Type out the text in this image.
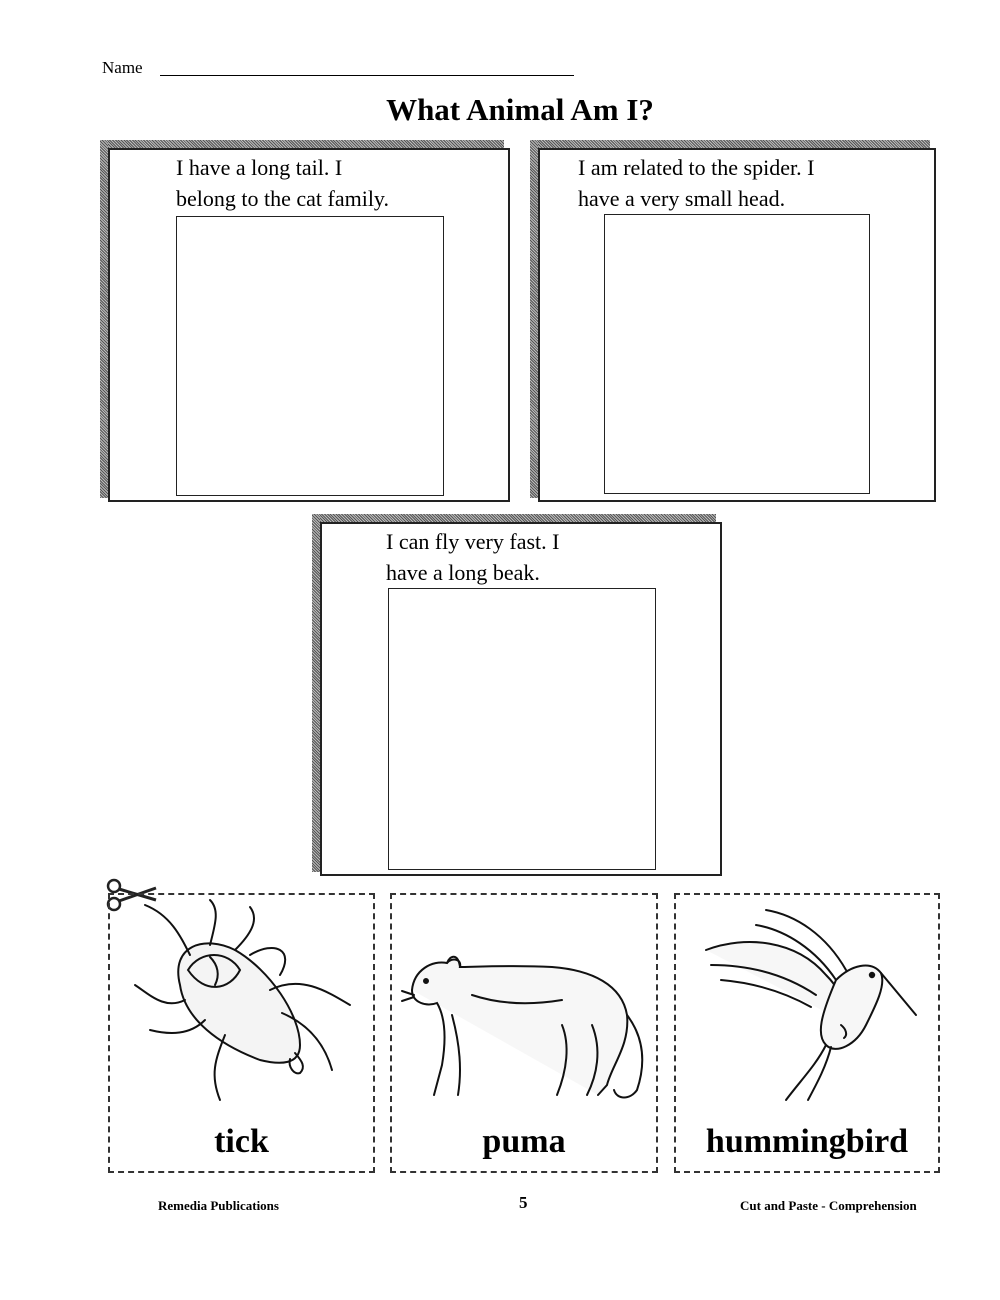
Name
What Animal Am I?
I have a long tail. I
belong to the cat family.
I am related to the spider. I
have a very small head.
I can fly very fast. I
have a long beak.
tick	puma	hummingbird
Remedia Publications	5	Cut and Paste - Comprehension
